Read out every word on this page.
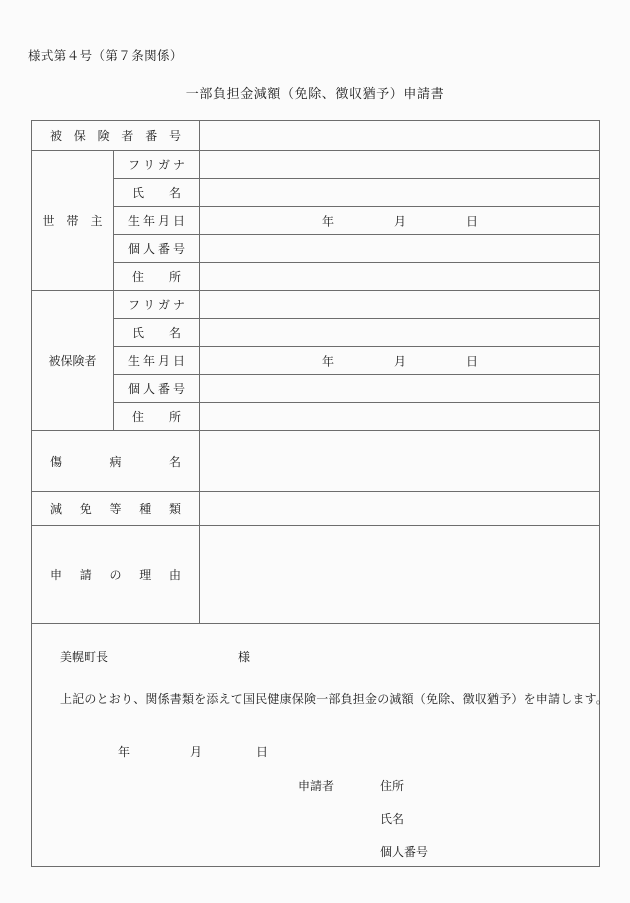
様式第４号（第７条関係）
一部負担金減額（免除、徴収猶予）申請書
被 保 険 者 番 号

世　帯　主	フ リ ガ ナ	

	氏 名	

	生 年 月 日	年 月 日

	個 人 番 号	

	住 所	

被保険者	フ リ ガ ナ	

	氏 名	

	生 年 月 日	年 月 日

	個 人 番 号	

	住 所	

傷 病 名		

減 免 等 種 類		

申 請 の 理 由		

美幌町長	様
上記のとおり、関係書類を添えて国民健康保険一部負担金の減額（免除、徴収猶予）を申請します。
年	月	日
申請者	住所
氏名
個人番号
